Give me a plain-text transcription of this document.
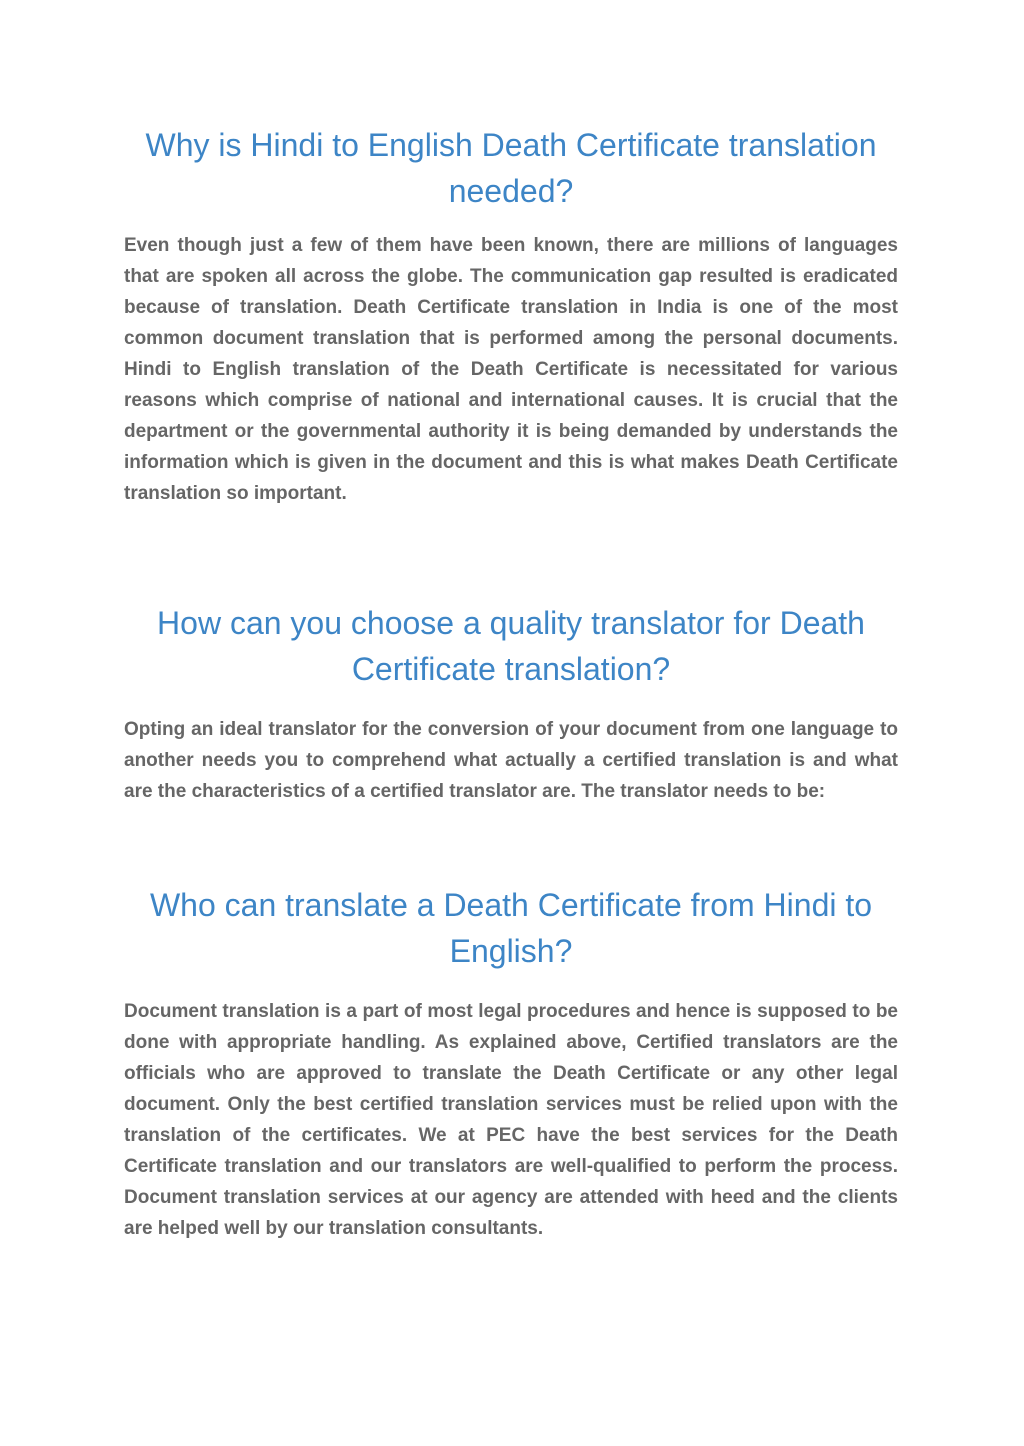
Why is Hindi to English Death Certificate translation needed?

Even though just a few of them have been known, there are millions of languages that are spoken all across the globe. The communication gap resulted is eradicated because of translation. Death Certificate translation in India is one of the most common document translation that is performed among the personal documents. Hindi to English translation of the Death Certificate is necessitated for various reasons which comprise of national and international causes. It is crucial that the department or the governmental authority it is being demanded by understands the information which is given in the document and this is what makes Death Certificate translation so important.

How can you choose a quality translator for Death Certificate translation?

Opting an ideal translator for the conversion of your document from one language to another needs you to comprehend what actually a certified translation is and what are the characteristics of a certified translator are. The translator needs to be:

Who can translate a Death Certificate from Hindi to English?

Document translation is a part of most legal procedures and hence is supposed to be done with appropriate handling. As explained above, Certified translators are the officials who are approved to translate the Death Certificate or any other legal document. Only the best certified translation services must be relied upon with the translation of the certificates. We at PEC have the best services for the Death Certificate translation and our translators are well-qualified to perform the process. Document translation services at our agency are attended with heed and the clients are helped well by our translation consultants.
